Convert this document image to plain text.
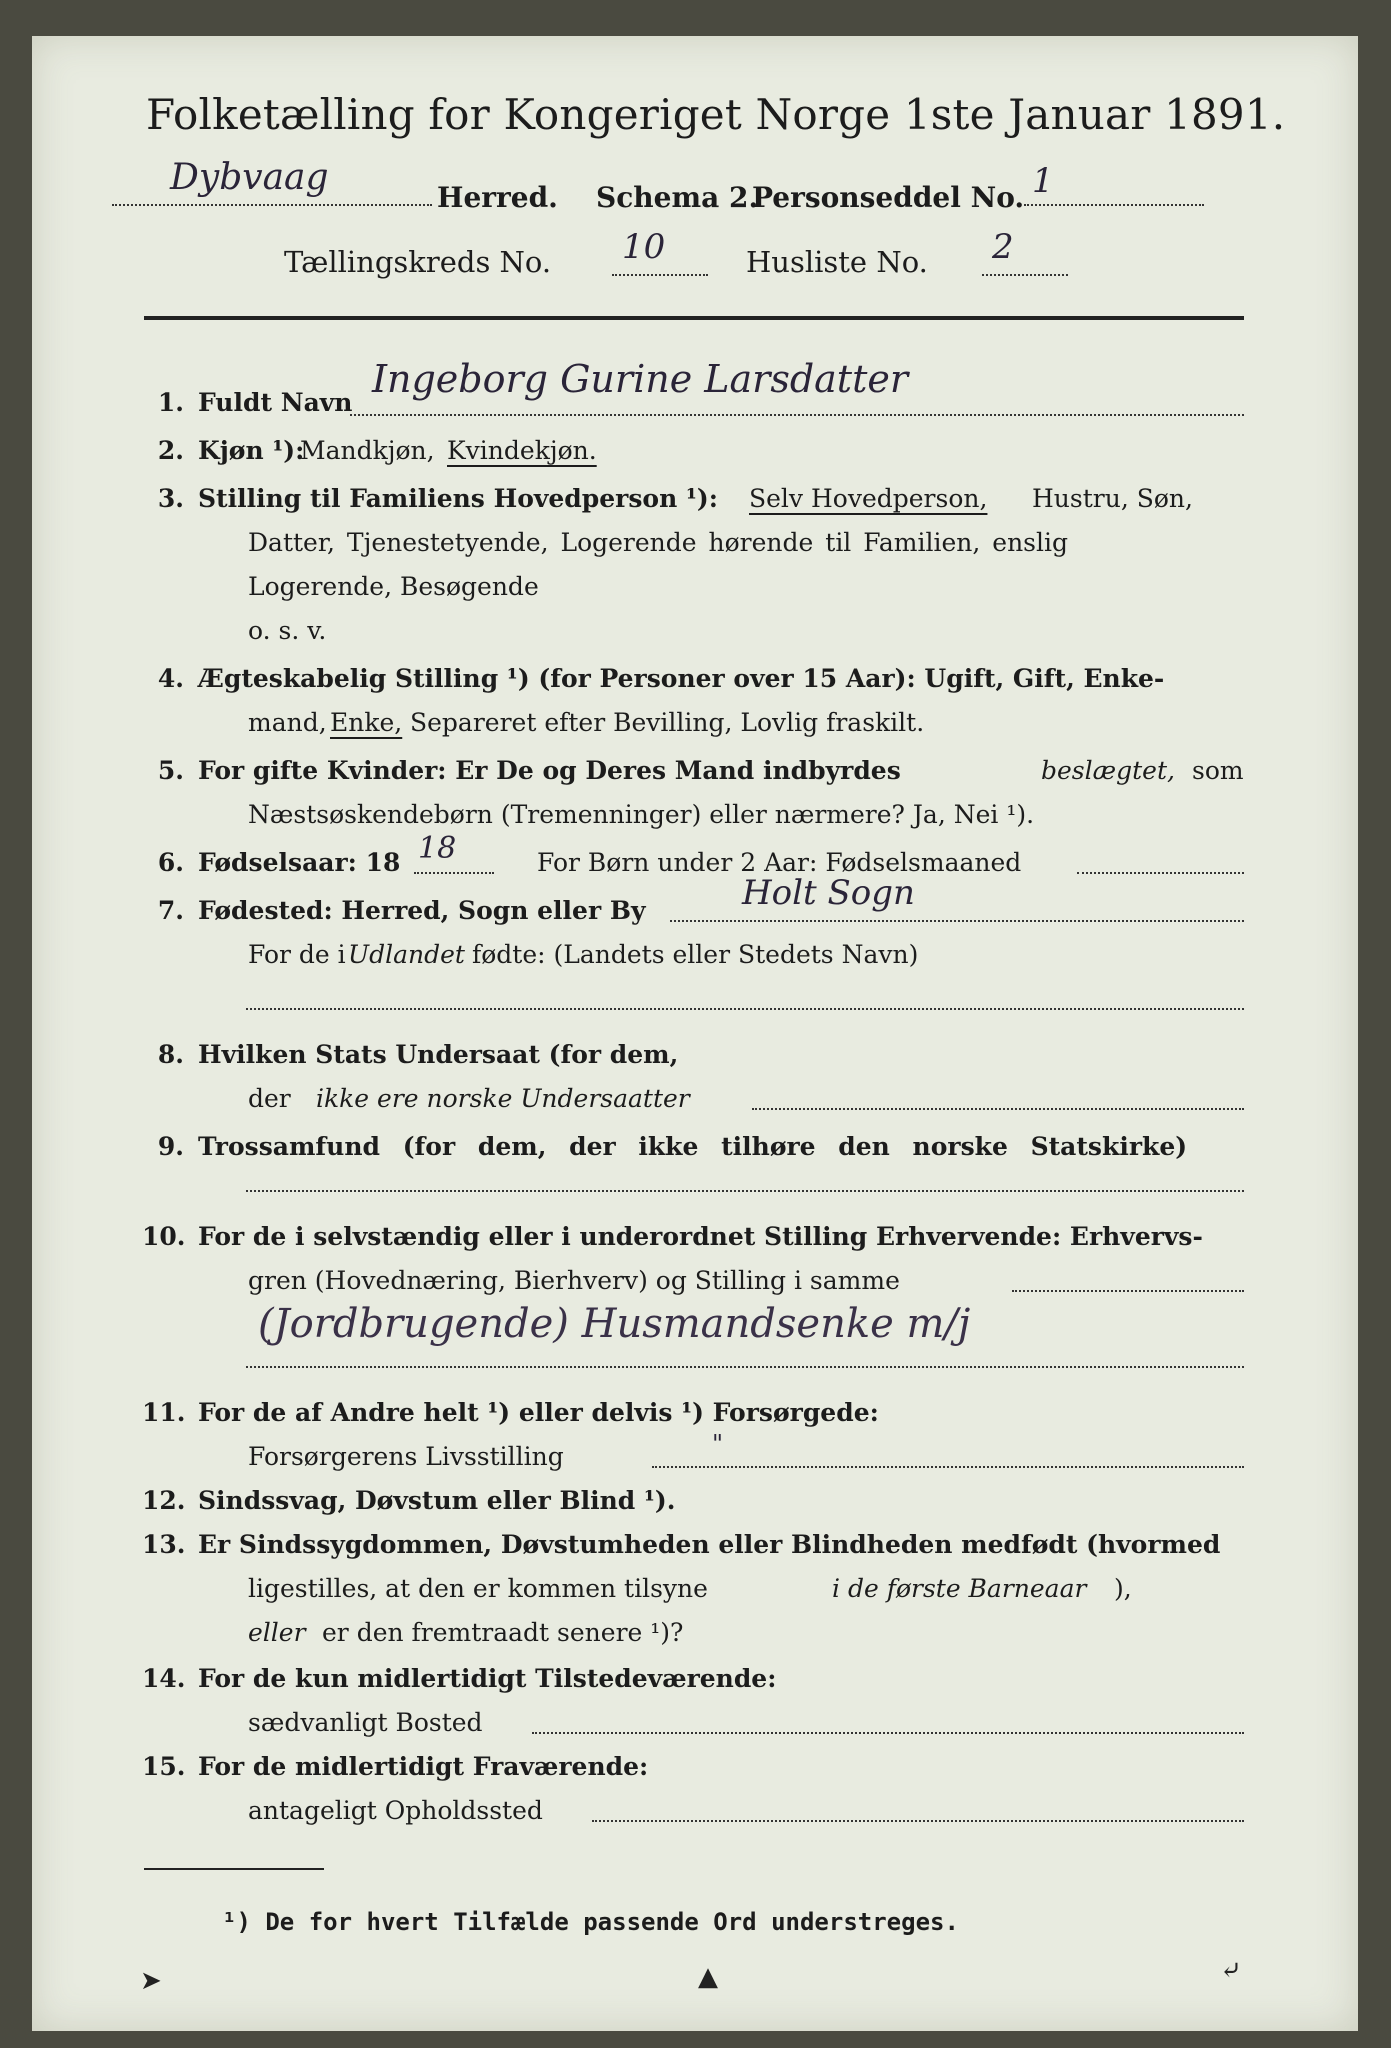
Folketælling for Kongeriget Norge 1ste Januar 1891.
Dybvaag	Herred. Schema 2.
Personseddel No. 1
Tællingskreds No. 10	Husliste No. 2
1. Fuldt Navn
Ingeborg Gurine Larsdatter
2. Kjøn ¹):
Mandkjøn, Kvindekjøn.
3. Stilling til Familiens Hovedperson ¹): Selv Hovedperson, Hustru, Søn,
Datter, Tjenestetyende, Logerende hørende til Familien, enslig
Logerende, Besøgende
o. s. v.
4. Ægteskabelig Stilling ¹) (for Personer over 15 Aar): Ugift, Gift, Enke-
mand, Enke, Separeret efter Bevilling, Lovlig fraskilt.
5. For gifte Kvinder: Er De og Deres Mand indbyrdes	beslægtet, som
Næstsøskendebørn (Tremenninger) eller nærmere? Ja, Nei ¹).
6. Fødselsaar: 18 18	For Børn under 2 Aar: Fødselsmaaned
7. Fødested: Herred, Sogn eller By	Holt Sogn
For de i Udlandet fødte: (Landets eller Stedets Navn)
8. Hvilken Stats Undersaat (for dem,
der ikke ere norske Undersaatter
9. Trossamfund (for dem, der ikke tilhøre den norske Statskirke)
10. For de i selvstændig eller i underordnet Stilling Erhvervende: Erhvervs-
gren (Hovednæring, Bierhverv) og Stilling i samme
(Jordbrugende) Husmandsenke m/j
11. For de af Andre helt ¹) eller delvis ¹) Forsørgede:
Forsørgerens Livsstilling	"
12. Sindssvag, Døvstum eller Blind ¹).
13. Er Sindssygdommen, Døvstumheden eller Blindheden medfødt (hvormed
ligestilles, at den er kommen tilsyne	i de første Barneaar ),
eller er den fremtraadt senere ¹)?
14. For de kun midlertidigt Tilstedeværende:
sædvanligt Bosted
15. For de midlertidigt Fraværende:
antageligt Opholdssted
¹) De for hvert Tilfælde passende Ord understreges.
➤	▲	⤶
